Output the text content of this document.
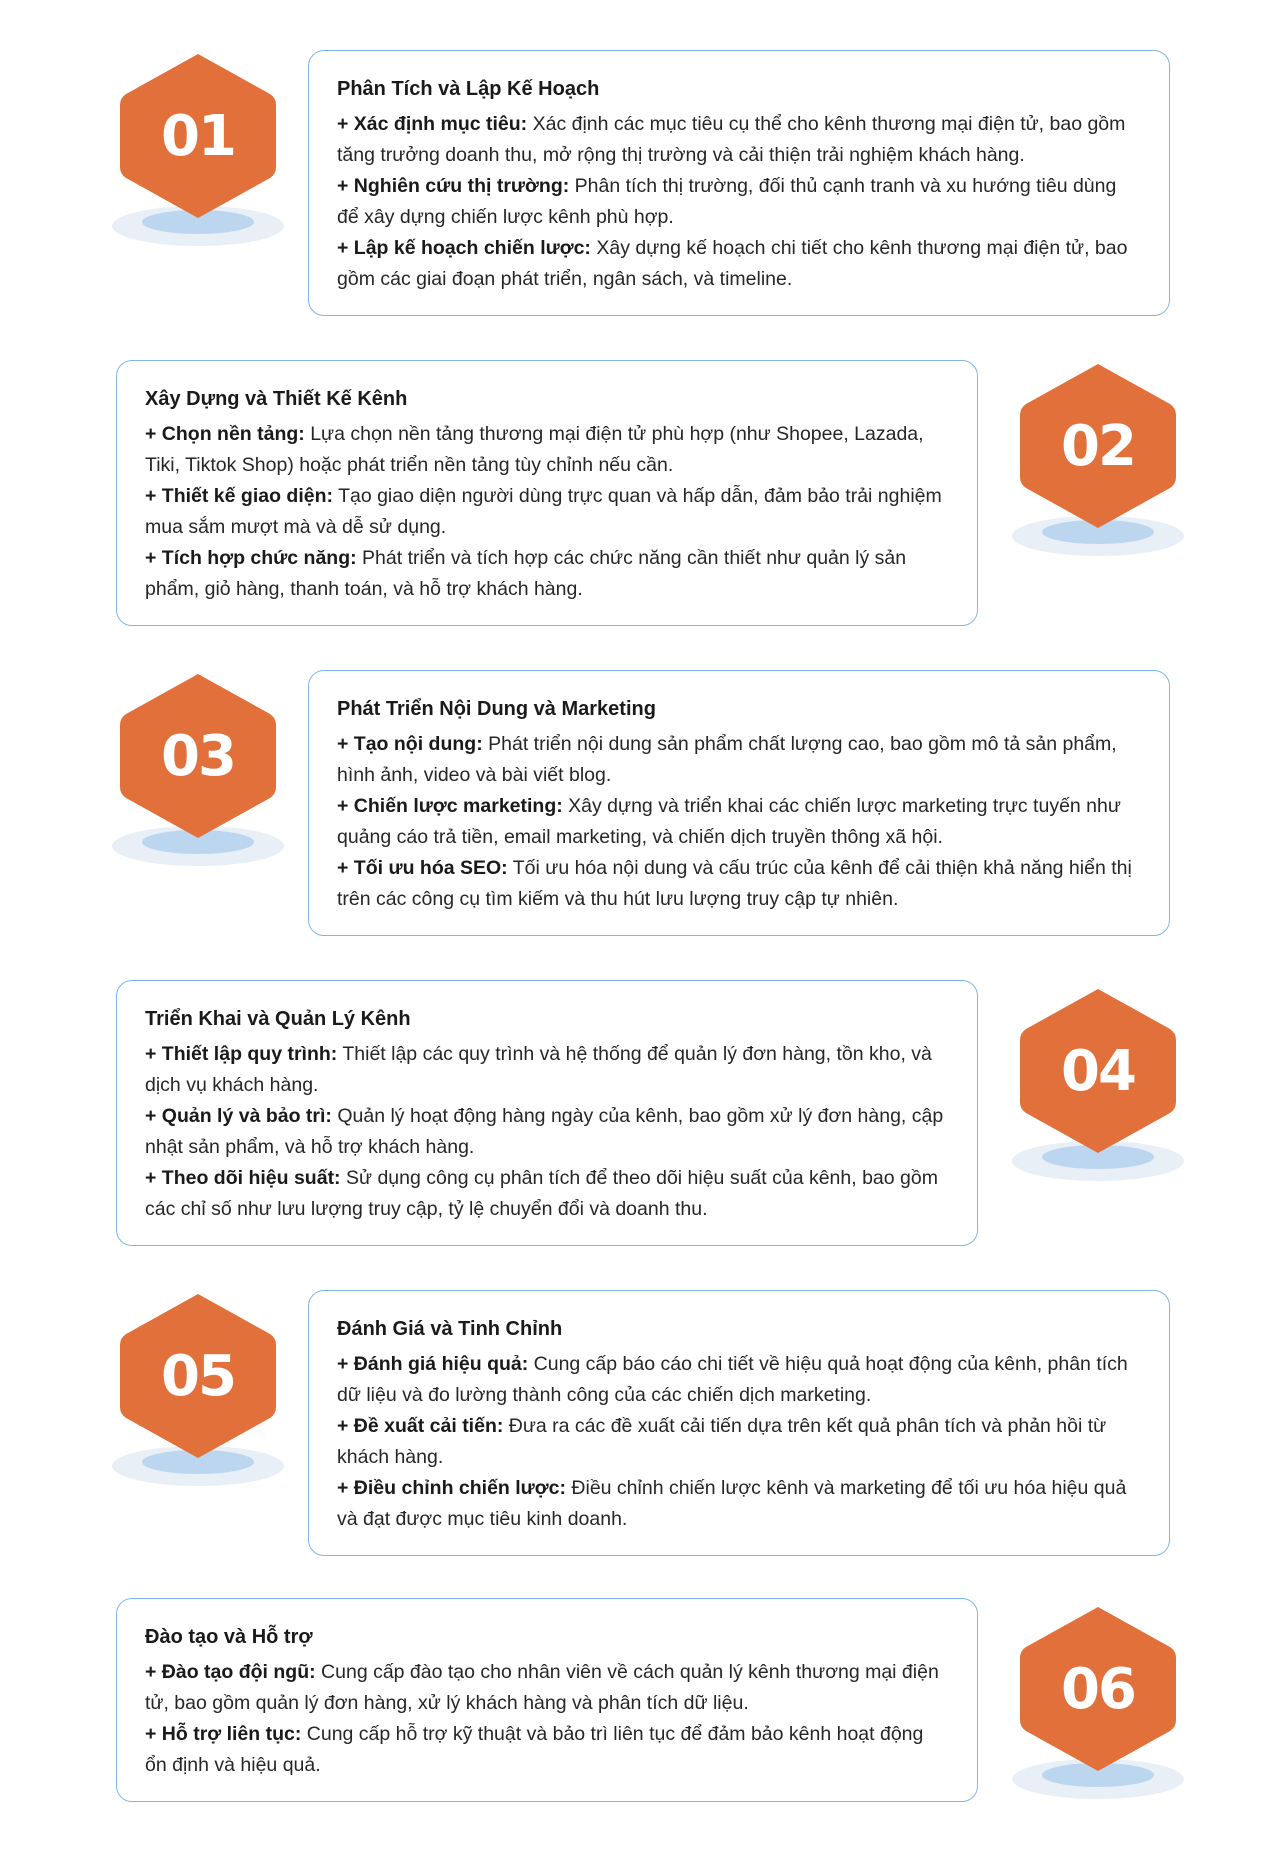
01
Phân Tích và Lập Kế Hoạch

+ Xác định mục tiêu: Xác định các mục tiêu cụ thể cho kênh thương mại điện tử, bao gồm tăng trưởng doanh thu, mở rộng thị trường và cải thiện trải nghiệm khách hàng.

+ Nghiên cứu thị trường: Phân tích thị trường, đối thủ cạnh tranh và xu hướng tiêu dùng để xây dựng chiến lược kênh phù hợp.

+ Lập kế hoạch chiến lược: Xây dựng kế hoạch chi tiết cho kênh thương mại điện tử, bao gồm các giai đoạn phát triển, ngân sách, và timeline.

Xây Dựng và Thiết Kế Kênh

+ Chọn nền tảng: Lựa chọn nền tảng thương mại điện tử phù hợp (như Shopee, Lazada, Tiki, Tiktok Shop) hoặc phát triển nền tảng tùy chỉnh nếu cần.

+ Thiết kế giao diện: Tạo giao diện người dùng trực quan và hấp dẫn, đảm bảo trải nghiệm mua sắm mượt mà và dễ sử dụng.

+ Tích hợp chức năng: Phát triển và tích hợp các chức năng cần thiết như quản lý sản phẩm, giỏ hàng, thanh toán, và hỗ trợ khách hàng.

02
03
Phát Triển Nội Dung và Marketing

+ Tạo nội dung: Phát triển nội dung sản phẩm chất lượng cao, bao gồm mô tả sản phẩm, hình ảnh, video và bài viết blog.

+ Chiến lược marketing: Xây dựng và triển khai các chiến lược marketing trực tuyến như quảng cáo trả tiền, email marketing, và chiến dịch truyền thông xã hội.

+ Tối ưu hóa SEO: Tối ưu hóa nội dung và cấu trúc của kênh để cải thiện khả năng hiển thị trên các công cụ tìm kiếm và thu hút lưu lượng truy cập tự nhiên.

Triển Khai và Quản Lý Kênh

+ Thiết lập quy trình: Thiết lập các quy trình và hệ thống để quản lý đơn hàng, tồn kho, và dịch vụ khách hàng.

+ Quản lý và bảo trì: Quản lý hoạt động hàng ngày của kênh, bao gồm xử lý đơn hàng, cập nhật sản phẩm, và hỗ trợ khách hàng.

+ Theo dõi hiệu suất: Sử dụng công cụ phân tích để theo dõi hiệu suất của kênh, bao gồm các chỉ số như lưu lượng truy cập, tỷ lệ chuyển đổi và doanh thu.

04
05
Đánh Giá và Tinh Chỉnh

+ Đánh giá hiệu quả: Cung cấp báo cáo chi tiết về hiệu quả hoạt động của kênh, phân tích dữ liệu và đo lường thành công của các chiến dịch marketing.

+ Đề xuất cải tiến: Đưa ra các đề xuất cải tiến dựa trên kết quả phân tích và phản hồi từ khách hàng.

+ Điều chỉnh chiến lược: Điều chỉnh chiến lược kênh và marketing để tối ưu hóa hiệu quả và đạt được mục tiêu kinh doanh.

Đào tạo và Hỗ trợ

+ Đào tạo đội ngũ: Cung cấp đào tạo cho nhân viên về cách quản lý kênh thương mại điện tử, bao gồm quản lý đơn hàng, xử lý khách hàng và phân tích dữ liệu.

+ Hỗ trợ liên tục: Cung cấp hỗ trợ kỹ thuật và bảo trì liên tục để đảm bảo kênh hoạt động ổn định và hiệu quả.

06
